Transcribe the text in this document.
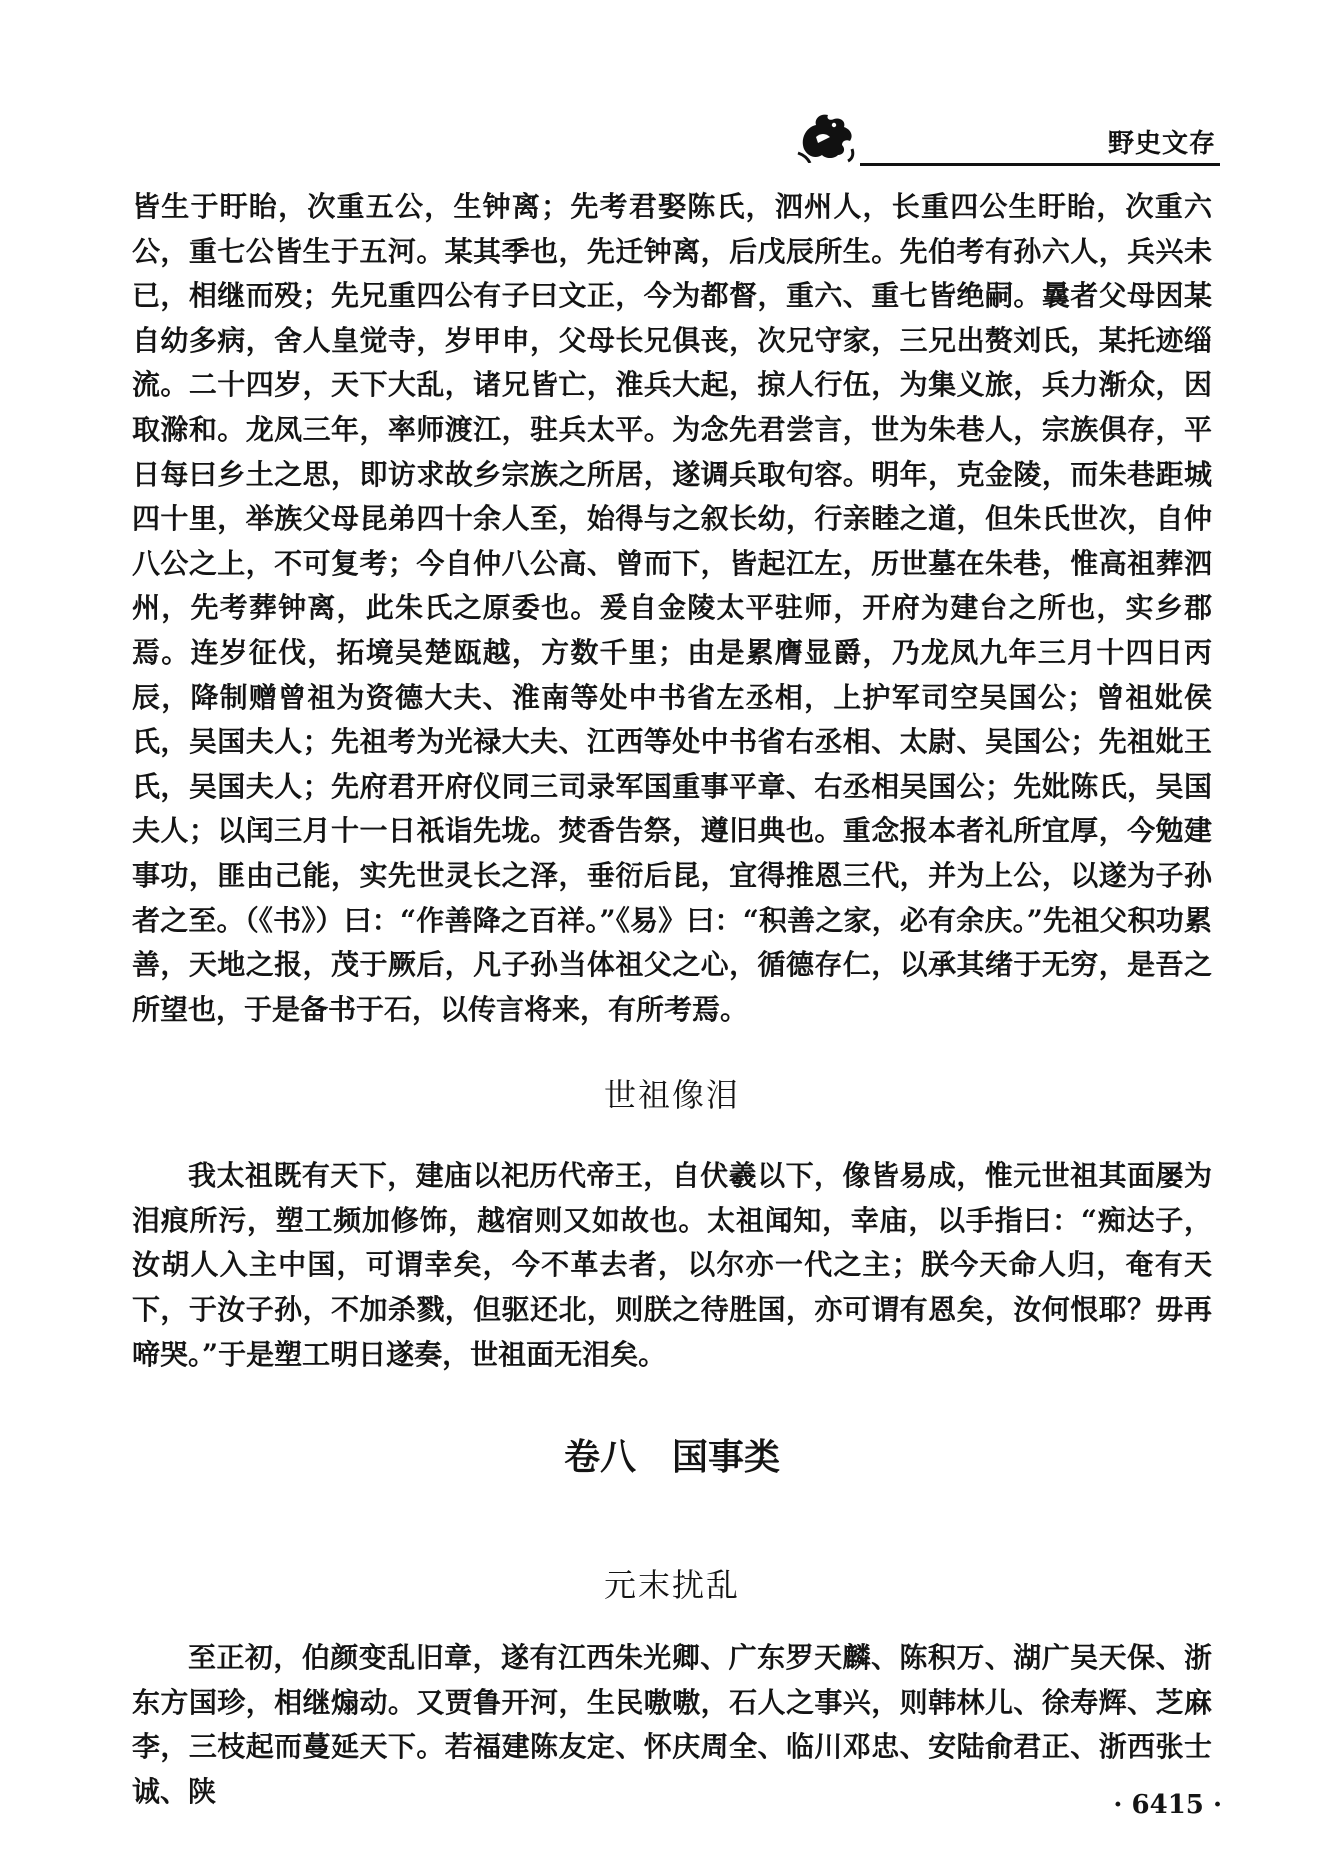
野史文存

皆生于盱眙，次重五公，生钟离；先考君娶陈氏，泗州人，长重四公生盱眙，次重六公，重七公皆生于五河。某其季也，先迁钟离，后戊辰所生。先伯考有孙六人，兵兴未已，相继而殁；先兄重四公有子曰文正，今为都督，重六、重七皆绝嗣。曩者父母因某自幼多病，舍人皇觉寺，岁甲申，父母长兄俱丧，次兄守家，三兄出赘刘氏，某托迹缁流。二十四岁，天下大乱，诸兄皆亡，淮兵大起，掠人行伍，为集义旅，兵力渐众，因取滁和。龙凤三年，率师渡江，驻兵太平。为念先君尝言，世为朱巷人，宗族俱存，平日每曰乡土之思，即访求故乡宗族之所居，遂调兵取句容。明年，克金陵，而朱巷距城四十里，举族父母昆弟四十余人至，始得与之叙长幼，行亲睦之道，但朱氏世次，自仲八公之上，不可复考；今自仲八公高、曾而下，皆起江左，历世墓在朱巷，惟高祖葬泗州，先考葬钟离，此朱氏之原委也。爰自金陵太平驻师，开府为建台之所也，实乡郡焉。连岁征伐，拓境吴楚瓯越，方数千里；由是累膺显爵，乃龙凤九年三月十四日丙辰，降制赠曾祖为资德大夫、淮南等处中书省左丞相，上护军司空吴国公；曾祖妣侯氏，吴国夫人；先祖考为光禄大夫、江西等处中书省右丞相、太尉、吴国公；先祖妣王氏，吴国夫人；先府君开府仪同三司录军国重事平章、右丞相吴国公；先妣陈氏，吴国夫人；以闰三月十一日祇诣先垅。焚香告祭，遵旧典也。重念报本者礼所宜厚，今勉建事功，匪由己能，实先世灵长之泽，垂衍后昆，宜得推恩三代，并为上公，以遂为子孙者之至。（《书》）曰：“作善降之百祥。”《易》曰：“积善之家，必有余庆。”先祖父积功累善，天地之报，茂于厥后，凡子孙当体祖父之心，循德存仁，以承其绪于无穷，是吾之所望也，于是备书于石，以传言将来，有所考焉。

世祖像泪

我太祖既有天下，建庙以祀历代帝王，自伏羲以下，像皆易成，惟元世祖其面屡为泪痕所污，塑工频加修饰，越宿则又如故也。太祖闻知，幸庙，以手指曰：“痴达子，汝胡人入主中国，可谓幸矣，今不革去者，以尔亦一代之主；朕今天命人归，奄有天下，于汝子孙，不加杀戮，但驱还北，则朕之待胜国，亦可谓有恩矣，汝何恨耶？毋再啼哭。”于是塑工明日遂奏，世祖面无泪矣。

卷八　国事类
元末扰乱

至正初，伯颜变乱旧章，遂有江西朱光卿、广东罗天麟、陈积万、湖广吴天保、浙东方国珍，相继煽动。又贾鲁开河，生民嗷嗷，石人之事兴，则韩林儿、徐寿辉、芝麻李，三枝起而蔓延天下。若福建陈友定、怀庆周全、临川邓忠、安陆俞君正、浙西张士诚、陕	· 6415 ·
